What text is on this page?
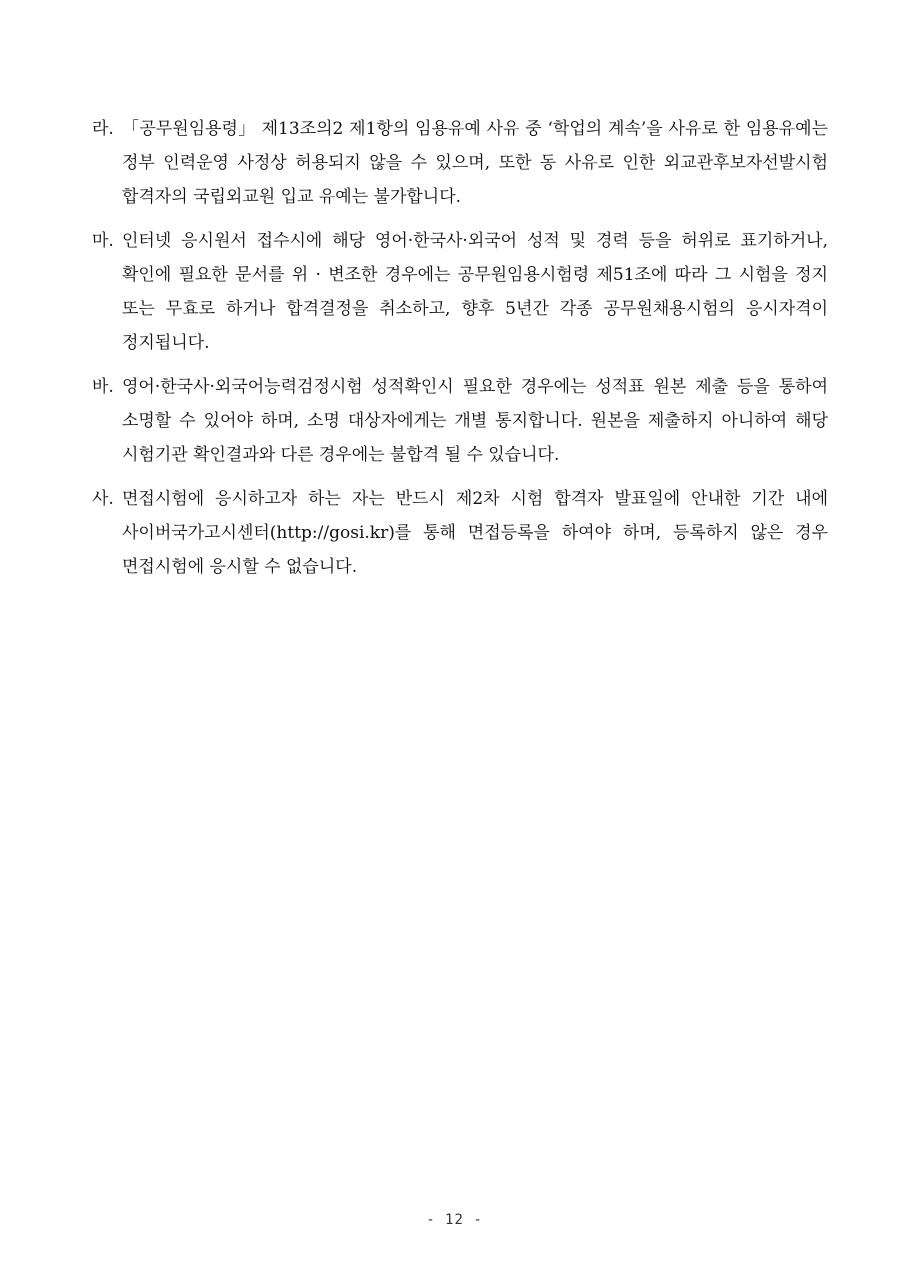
라. 「공무원임용령」 제13조의2 제1항의 임용유예 사유 중 ‘학업의 계속’을 사유로 한 임용유예는 정부 인력운영 사정상 허용되지 않을 수 있으며, 또한 동 사유로 인한 외교관후보자선발시험 합격자의 국립외교원 입교 유예는 불가합니다.
마. 인터넷 응시원서 접수시에 해당 영어·한국사·외국어 성적 및 경력 등을 허위로 표기하거나, 확인에 필요한 문서를 위 · 변조한 경우에는 공무원임용시험령 제51조에 따라 그 시험을 정지 또는 무효로 하거나 합격결정을 취소하고, 향후 5년간 각종 공무원채용시험의 응시자격이 정지됩니다.
바. 영어·한국사·외국어능력검정시험 성적확인시 필요한 경우에는 성적표 원본 제출 등을 통하여 소명할 수 있어야 하며, 소명 대상자에게는 개별 통지합니다. 원본을 제출하지 아니하여 해당 시험기관 확인결과와 다른 경우에는 불합격 될 수 있습니다.
사. 면접시험에 응시하고자 하는 자는 반드시 제2차 시험 합격자 발표일에 안내한 기간 내에 사이버국가고시센터(http://gosi.kr)를 통해 면접등록을 하여야 하며, 등록하지 않은 경우 면접시험에 응시할 수 없습니다.
- 12 -
